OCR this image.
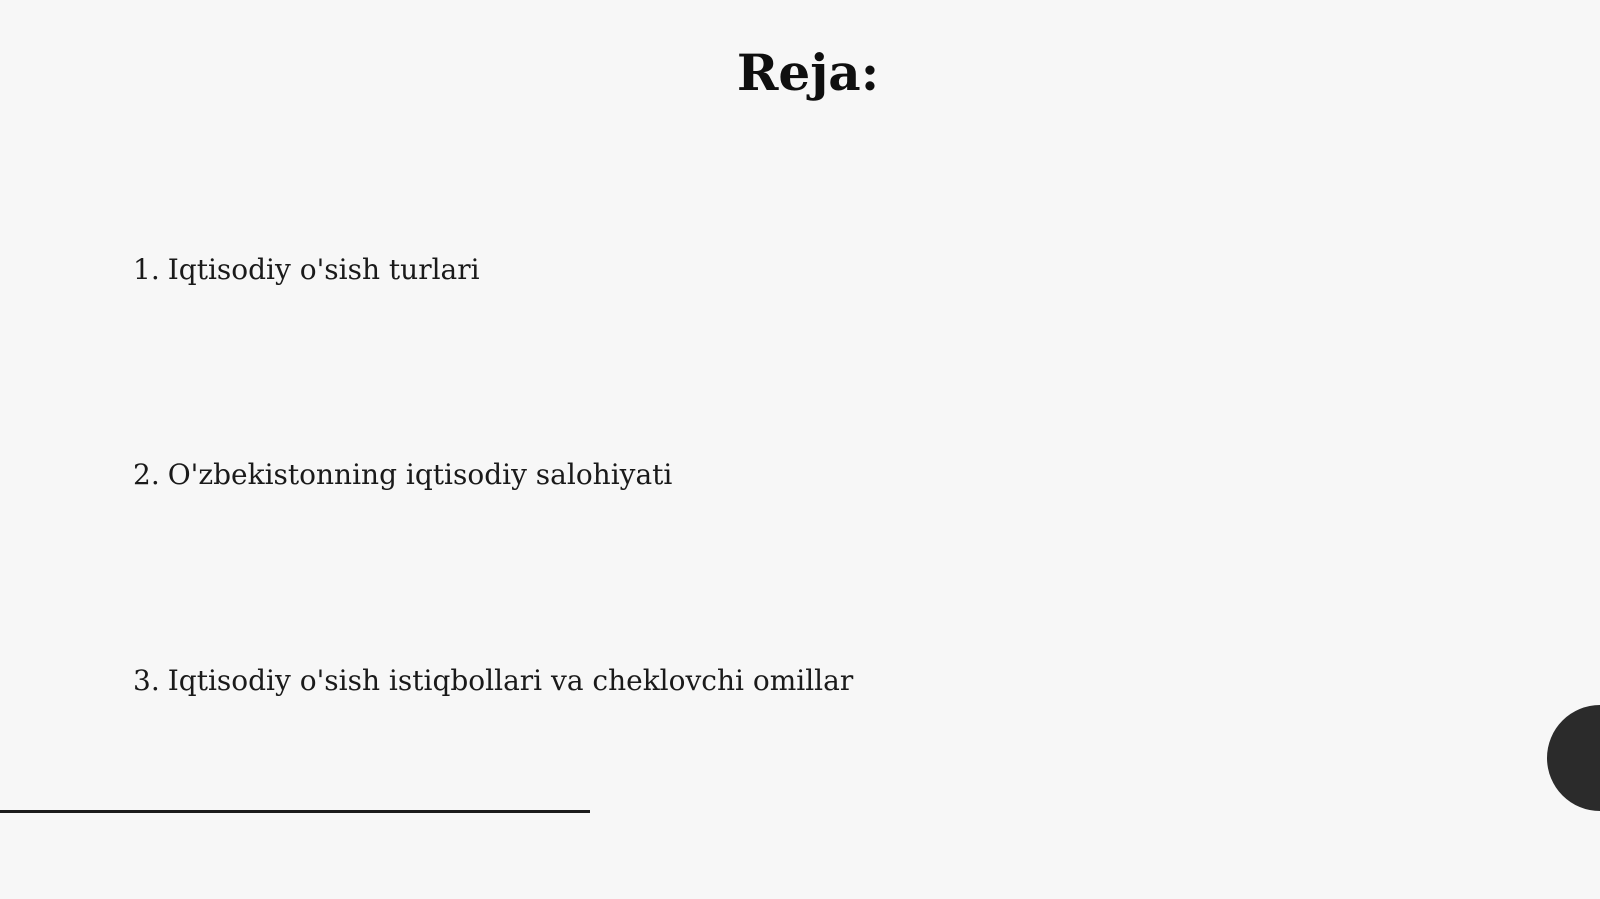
Reja:
1. Iqtisodiy o'sish turlari
2. O'zbekistonning iqtisodiy salohiyati
3. Iqtisodiy o'sish istiqbollari va cheklovchi omillar
